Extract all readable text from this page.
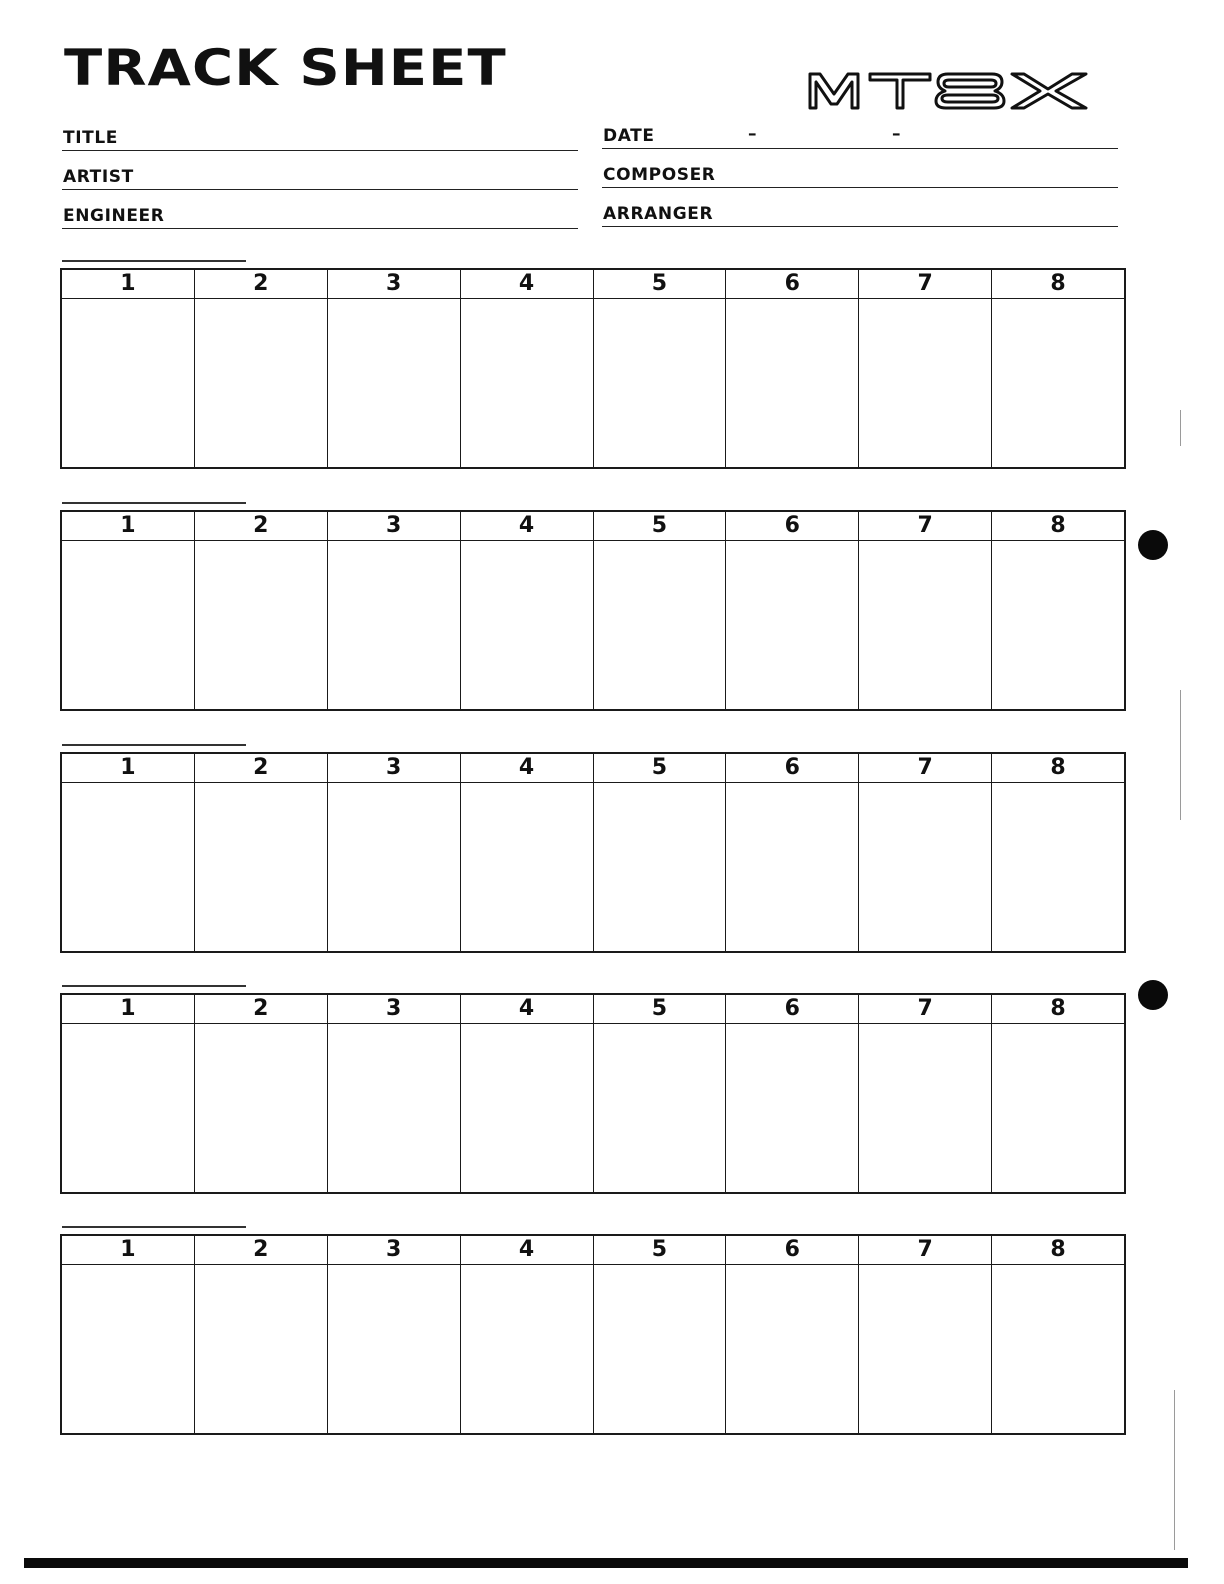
TRACK SHEET
TITLE
ARTIST
ENGINEER
DATE	–	–
COMPOSER
ARRANGER
1	2	3	4	5	6	7	8
1	2	3	4	5	6	7	8
1	2	3	4	5	6	7	8
1	2	3	4	5	6	7	8
1	2	3	4	5	6	7	8
